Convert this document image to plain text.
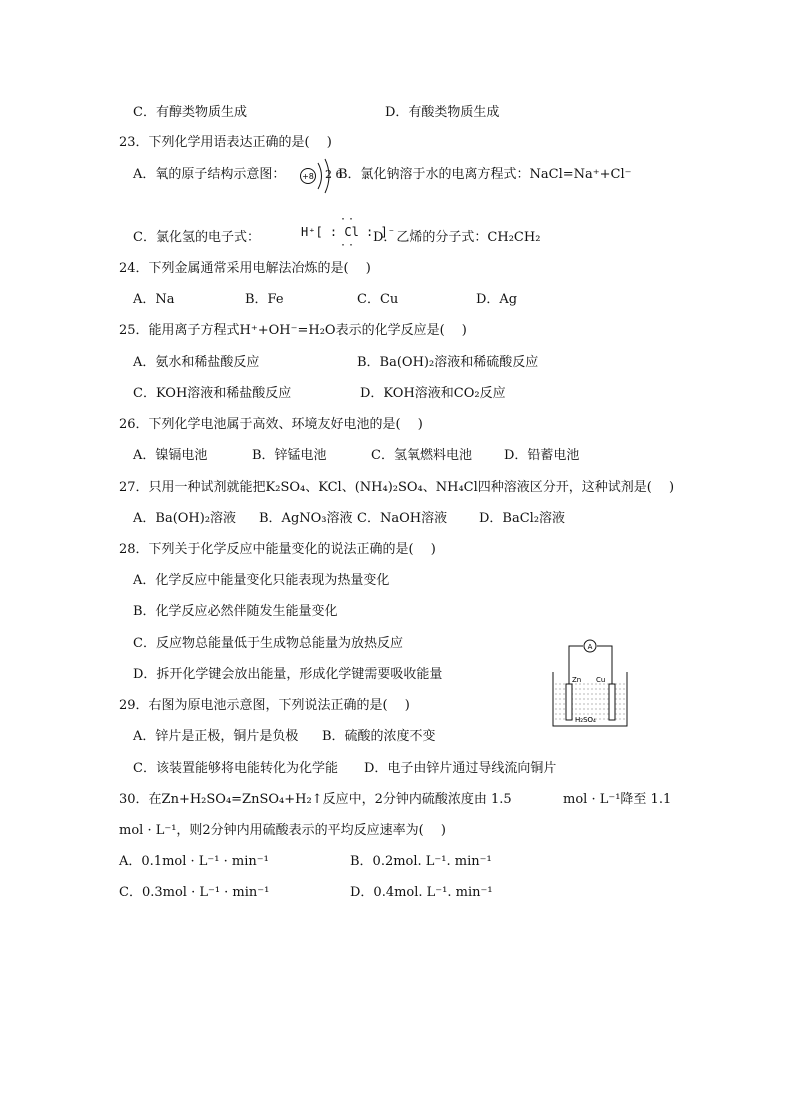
C．有醇类物质生成	D．有酸类物质生成
23．下列化学用语表达正确的是(　 )
A．氧的原子结构示意图： +8 2 6
B．氯化钠溶于水的电离方程式：NaCl=Na⁺+Cl⁻
C．氯化氢的电子式：	H⁺[ : Cl : ]⁻
··
··
D．乙烯的分子式：CH₂CH₂
24．下列金属通常采用电解法冶炼的是(　 )
A．Na	B．Fe	C．Cu	D．Ag
25．能用离子方程式H⁺+OH⁻=H₂O表示的化学反应是(　 )
A．氨水和稀盐酸反应	B．Ba(OH)₂溶液和稀硫酸反应
C．KOH溶液和稀盐酸反应	D．KOH溶液和CO₂反应
26．下列化学电池属于高效、环境友好电池的是(　 )
A．镍镉电池	B．锌锰电池	C．氢氧燃料电池 D．铅蓄电池
27．只用一种试剂就能把K₂SO₄、KCl、(NH₄)₂SO₄、NH₄Cl四种溶液区分开，这种试剂是(　 )
A．Ba(OH)₂溶液 B．AgNO₃溶液 C．NaOH溶液 D．BaCl₂溶液
28．下列关于化学反应中能量变化的说法正确的是(　 )
A．化学反应中能量变化只能表现为热量变化
B．化学反应必然伴随发生能量变化
C．反应物总能量低于生成物总能量为放热反应
D．拆开化学键会放出能量，形成化学键需要吸收能量
A
Zn Cu
H₂SO₄
29．右图为原电池示意图，下列说法正确的是(　 )
A．锌片是正极，铜片是负极 B．硫酸的浓度不变
C．该装置能够将电能转化为化学能 D．电子由锌片通过导线流向铜片
30．在Zn+H₂SO₄=ZnSO₄+H₂↑反应中，2分钟内硫酸浓度由 1.5	mol · L⁻¹降至 1.1
mol · L⁻¹，则2分钟内用硫酸表示的平均反应速率为(　 )
A．0.1mol · L⁻¹ · min⁻¹	B．0.2mol. L⁻¹. min⁻¹
C．0.3mol · L⁻¹ · min⁻¹	D．0.4mol. L⁻¹. min⁻¹
